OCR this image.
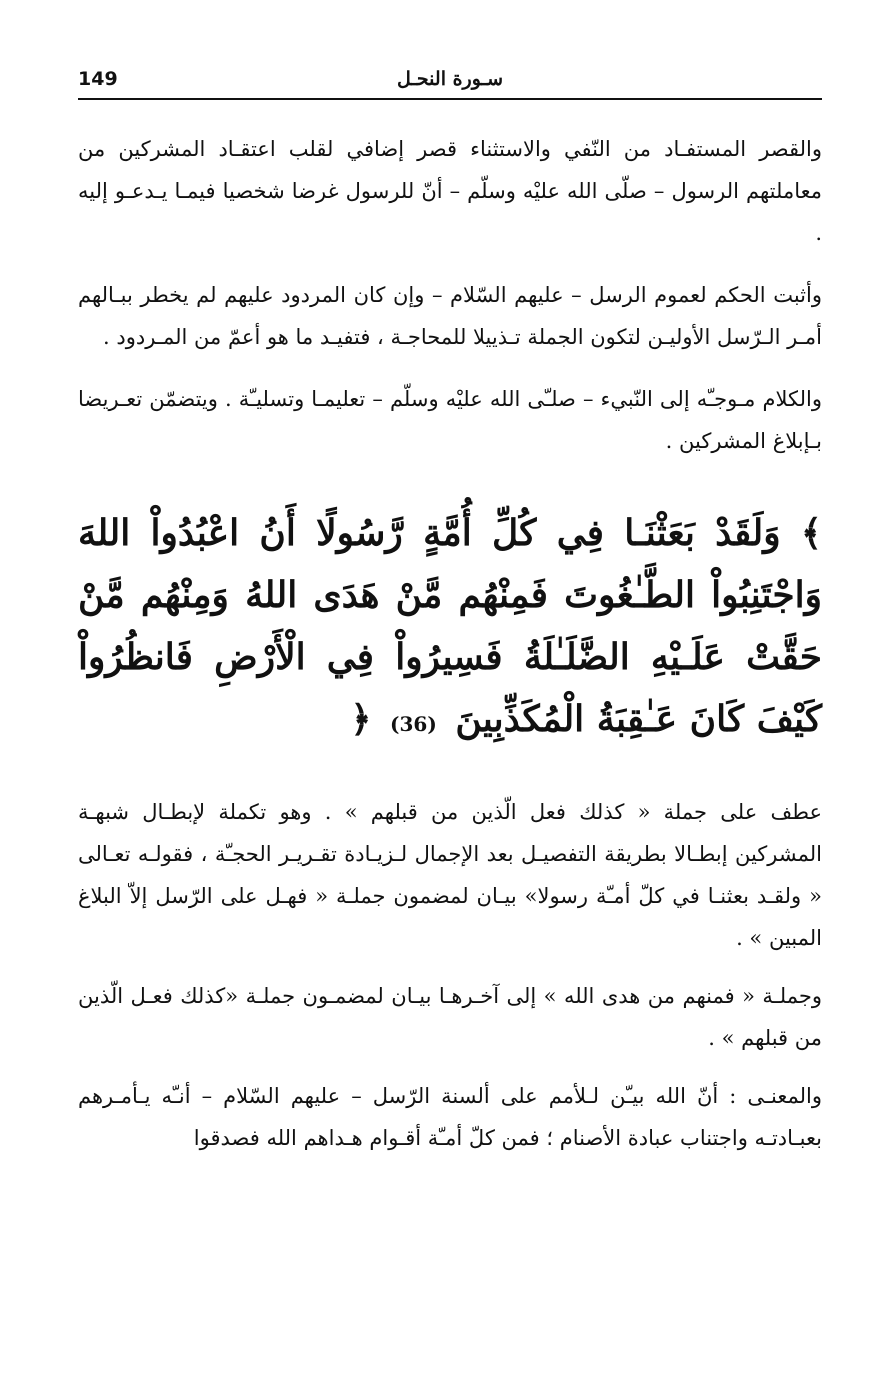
149	سـورة النحـل

والقصر المستفـاد من النّفي والاستثناء قصر إضافي لقلب اعتقـاد المشركين من معاملتهم الرسول – صلّى الله عليْه وسلّم – أنّ للرسول غرضا شخصيا فيمـا يـدعـو إليه .

وأثبت الحكم لعموم الرسل – عليهم السّلام – وإن كان المردود عليهم لم يخطر ببـالهم أمـر الـرّسل الأوليـن لتكون الجملة تـذييلا للمحاجـة ، فتفيـد ما هو أعمّ من المـردود .

والكلام مـوجـّه إلى النّبيء – صلـّى الله عليْه وسلّم – تعليمـا وتسليـّة . ويتضمّن تعـريضا بـإبلاغ المشركين .

﴾ وَلَقَدْ بَعَثْنَـا فِي كُلِّ أُمَّةٍ رَّسُولًا أَنُ اعْبُدُواْ اللهَ وَاجْتَنِبُواْ الطَّـٰغُوتَ فَمِنْهُم مَّنْ هَدَى اللهُ وَمِنْهُم مَّنْ حَقَّتْ عَلَـيْهِ الضَّلَـٰلَةُ فَسِيرُواْ فِي الْأَرْضِ فَانظُرُواْ كَيْفَ كَانَ عَـٰقِبَةُ الْمُكَذِّبِينَ (36) ﴿

عطف على جملة « كذلك فعل الّذين من قبلهم » . وهو تكملة لإبطـال شبهـة المشركين إبطـالا بطريقة التفصيـل بعد الإجمال لـزيـادة تقـريـر الحجـّة ، فقولـه تعـالى « ولقـد بعثنـا في كلّ أمـّة رسولا» بيـان لمضمون جملـة « فهـل على الرّسل إلاّ البلاغ المبين » .

وجملـة « فمنهم من هدى الله » إلى آخـرهـا بيـان لمضمـون جملـة «كذلك فعـل الّذين من قبلهم » .

والمعنـى : أنّ الله بيـّن لـلأمم على ألسنة الرّسل – عليهم السّلام – أنـّه يـأمـرهم بعبـادتـه واجتناب عبادة الأصنام ؛ فمن كلّ أمـّة أقـوام هـداهم الله فصدقوا
